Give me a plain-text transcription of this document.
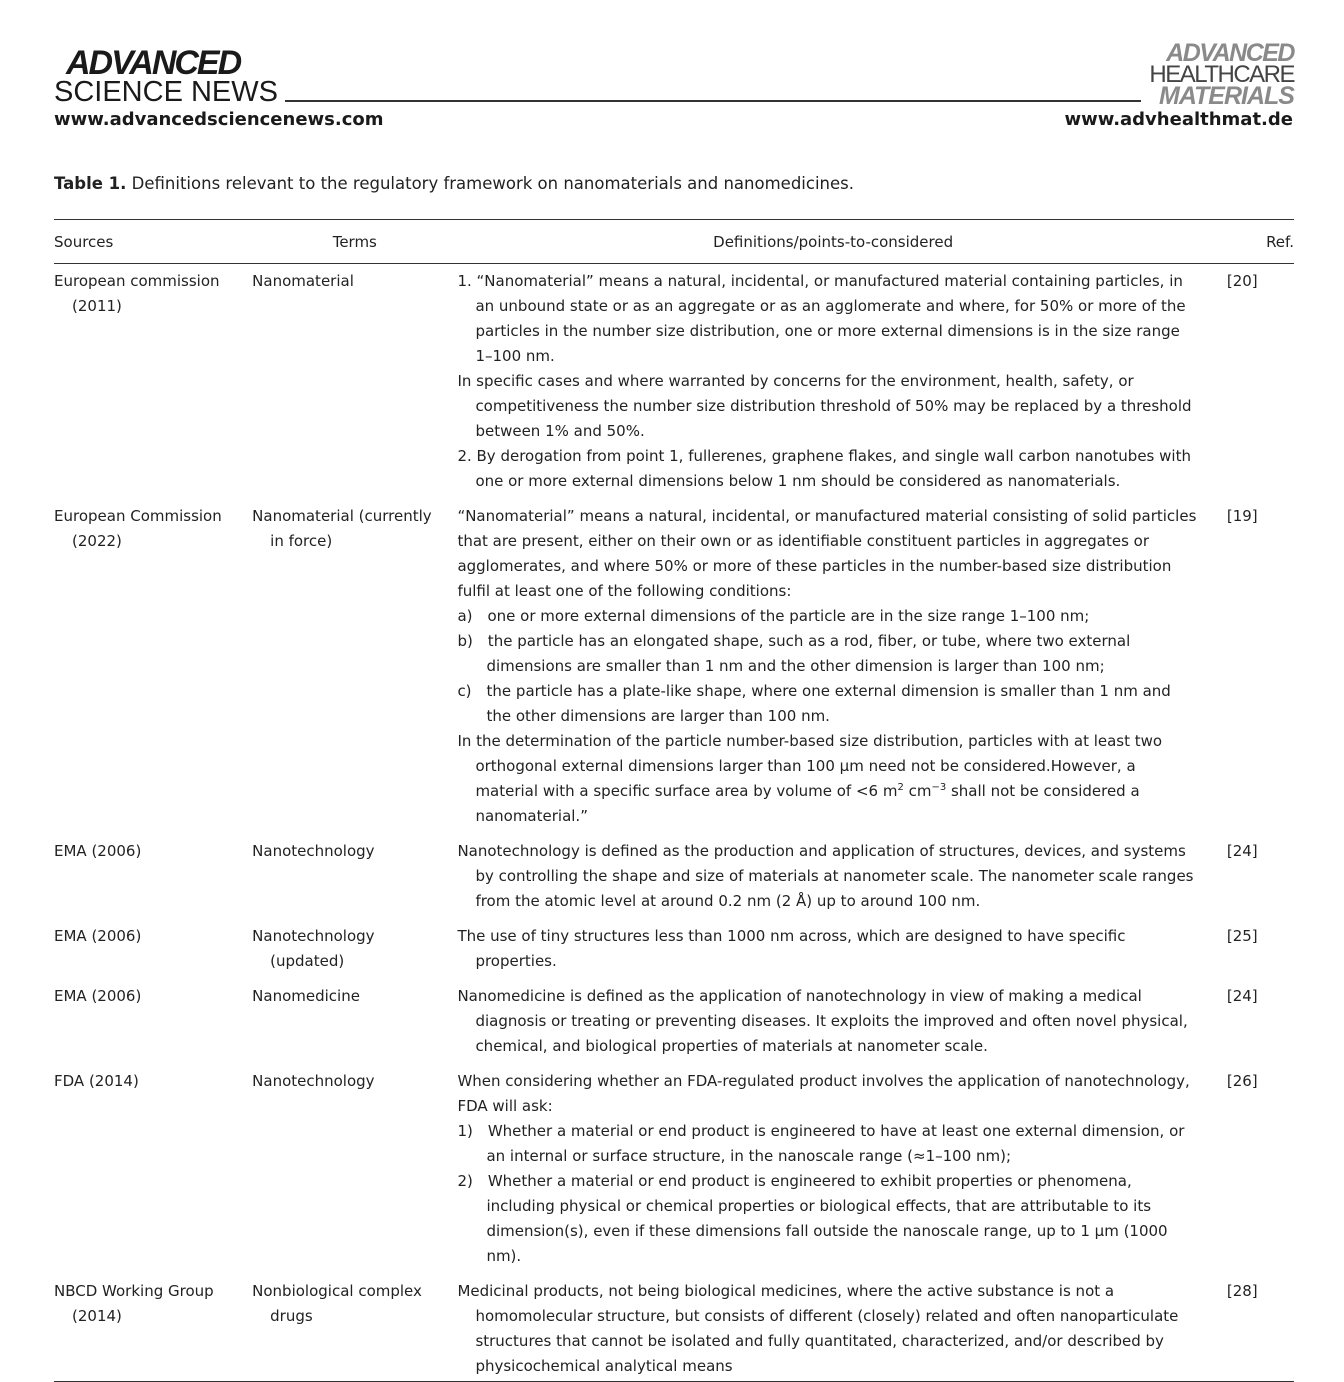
ADVANCED
SCIENCE NEWS
ADVANCED
HEALTHCARE
MATERIALS
www.advancedsciencenews.com	www.advhealthmat.de
Table 1. Definitions relevant to the regulatory framework on nanomaterials and nanomedicines.
Sources	Terms	Definitions/points-to-considered	Ref.

European commission (2011)	Nanomaterial	1. “Nanomaterial” means a natural, incidental, or manufactured material containing particles, in an unbound state or as an aggregate or as an agglomerate and where, for 50% or more of the particles in the number size distribution, one or more external dimensions is in the size range 1–100 nm.
In specific cases and where warranted by concerns for the environment, health, safety, or competitiveness the number size distribution threshold of 50% may be replaced by a threshold between 1% and 50%.
2. By derogation from point 1, fullerenes, graphene flakes, and single wall carbon nanotubes with one or more external dimensions below 1 nm should be considered as nanomaterials.	[20]

European Commission (2022)	Nanomaterial (currently in force)	“Nanomaterial” means a natural, incidental, or manufactured material consisting of solid particles that are present, either on their own or as identifiable constituent particles in aggregates or agglomerates, and where 50% or more of these particles in the number-based size distribution fulfil at least one of the following conditions:
a) one or more external dimensions of the particle are in the size range 1–100 nm;
b) the particle has an elongated shape, such as a rod, fiber, or tube, where two external dimensions are smaller than 1 nm and the other dimension is larger than 100 nm;
c) the particle has a plate-like shape, where one external dimension is smaller than 1 nm and the other dimensions are larger than 100 nm.
In the determination of the particle number-based size distribution, particles with at least two orthogonal external dimensions larger than 100 μm need not be considered.However, a material with a specific surface area by volume of <6 $m^2$ $cm^{-3}$ shall not be considered a nanomaterial.”	[19]

EMA (2006)	Nanotechnology	Nanotechnology is defined as the production and application of structures, devices, and systems by controlling the shape and size of materials at nanometer scale. The nanometer scale ranges from the atomic level at around 0.2 nm (2 Å) up to around 100 nm.	[24]

EMA (2006)	Nanotechnology (updated)	The use of tiny structures less than 1000 nm across, which are designed to have specific properties.	[25]

EMA (2006)	Nanomedicine	Nanomedicine is defined as the application of nanotechnology in view of making a medical diagnosis or treating or preventing diseases. It exploits the improved and often novel physical, chemical, and biological properties of materials at nanometer scale.	[24]

FDA (2014)	Nanotechnology	When considering whether an FDA-regulated product involves the application of nanotechnology, FDA will ask:
1) Whether a material or end product is engineered to have at least one external dimension, or an internal or surface structure, in the nanoscale range (≈1–100 nm);
2) Whether a material or end product is engineered to exhibit properties or phenomena, including physical or chemical properties or biological effects, that are attributable to its dimension(s), even if these dimensions fall outside the nanoscale range, up to 1 μm (1000 nm).	[26]

NBCD Working Group (2014)	Nonbiological complex drugs	Medicinal products, not being biological medicines, where the active substance is not a homomolecular structure, but consists of different (closely) related and often nanoparticulate structures that cannot be isolated and fully quantitated, characterized, and/or described by physicochemical analytical means	[28]
